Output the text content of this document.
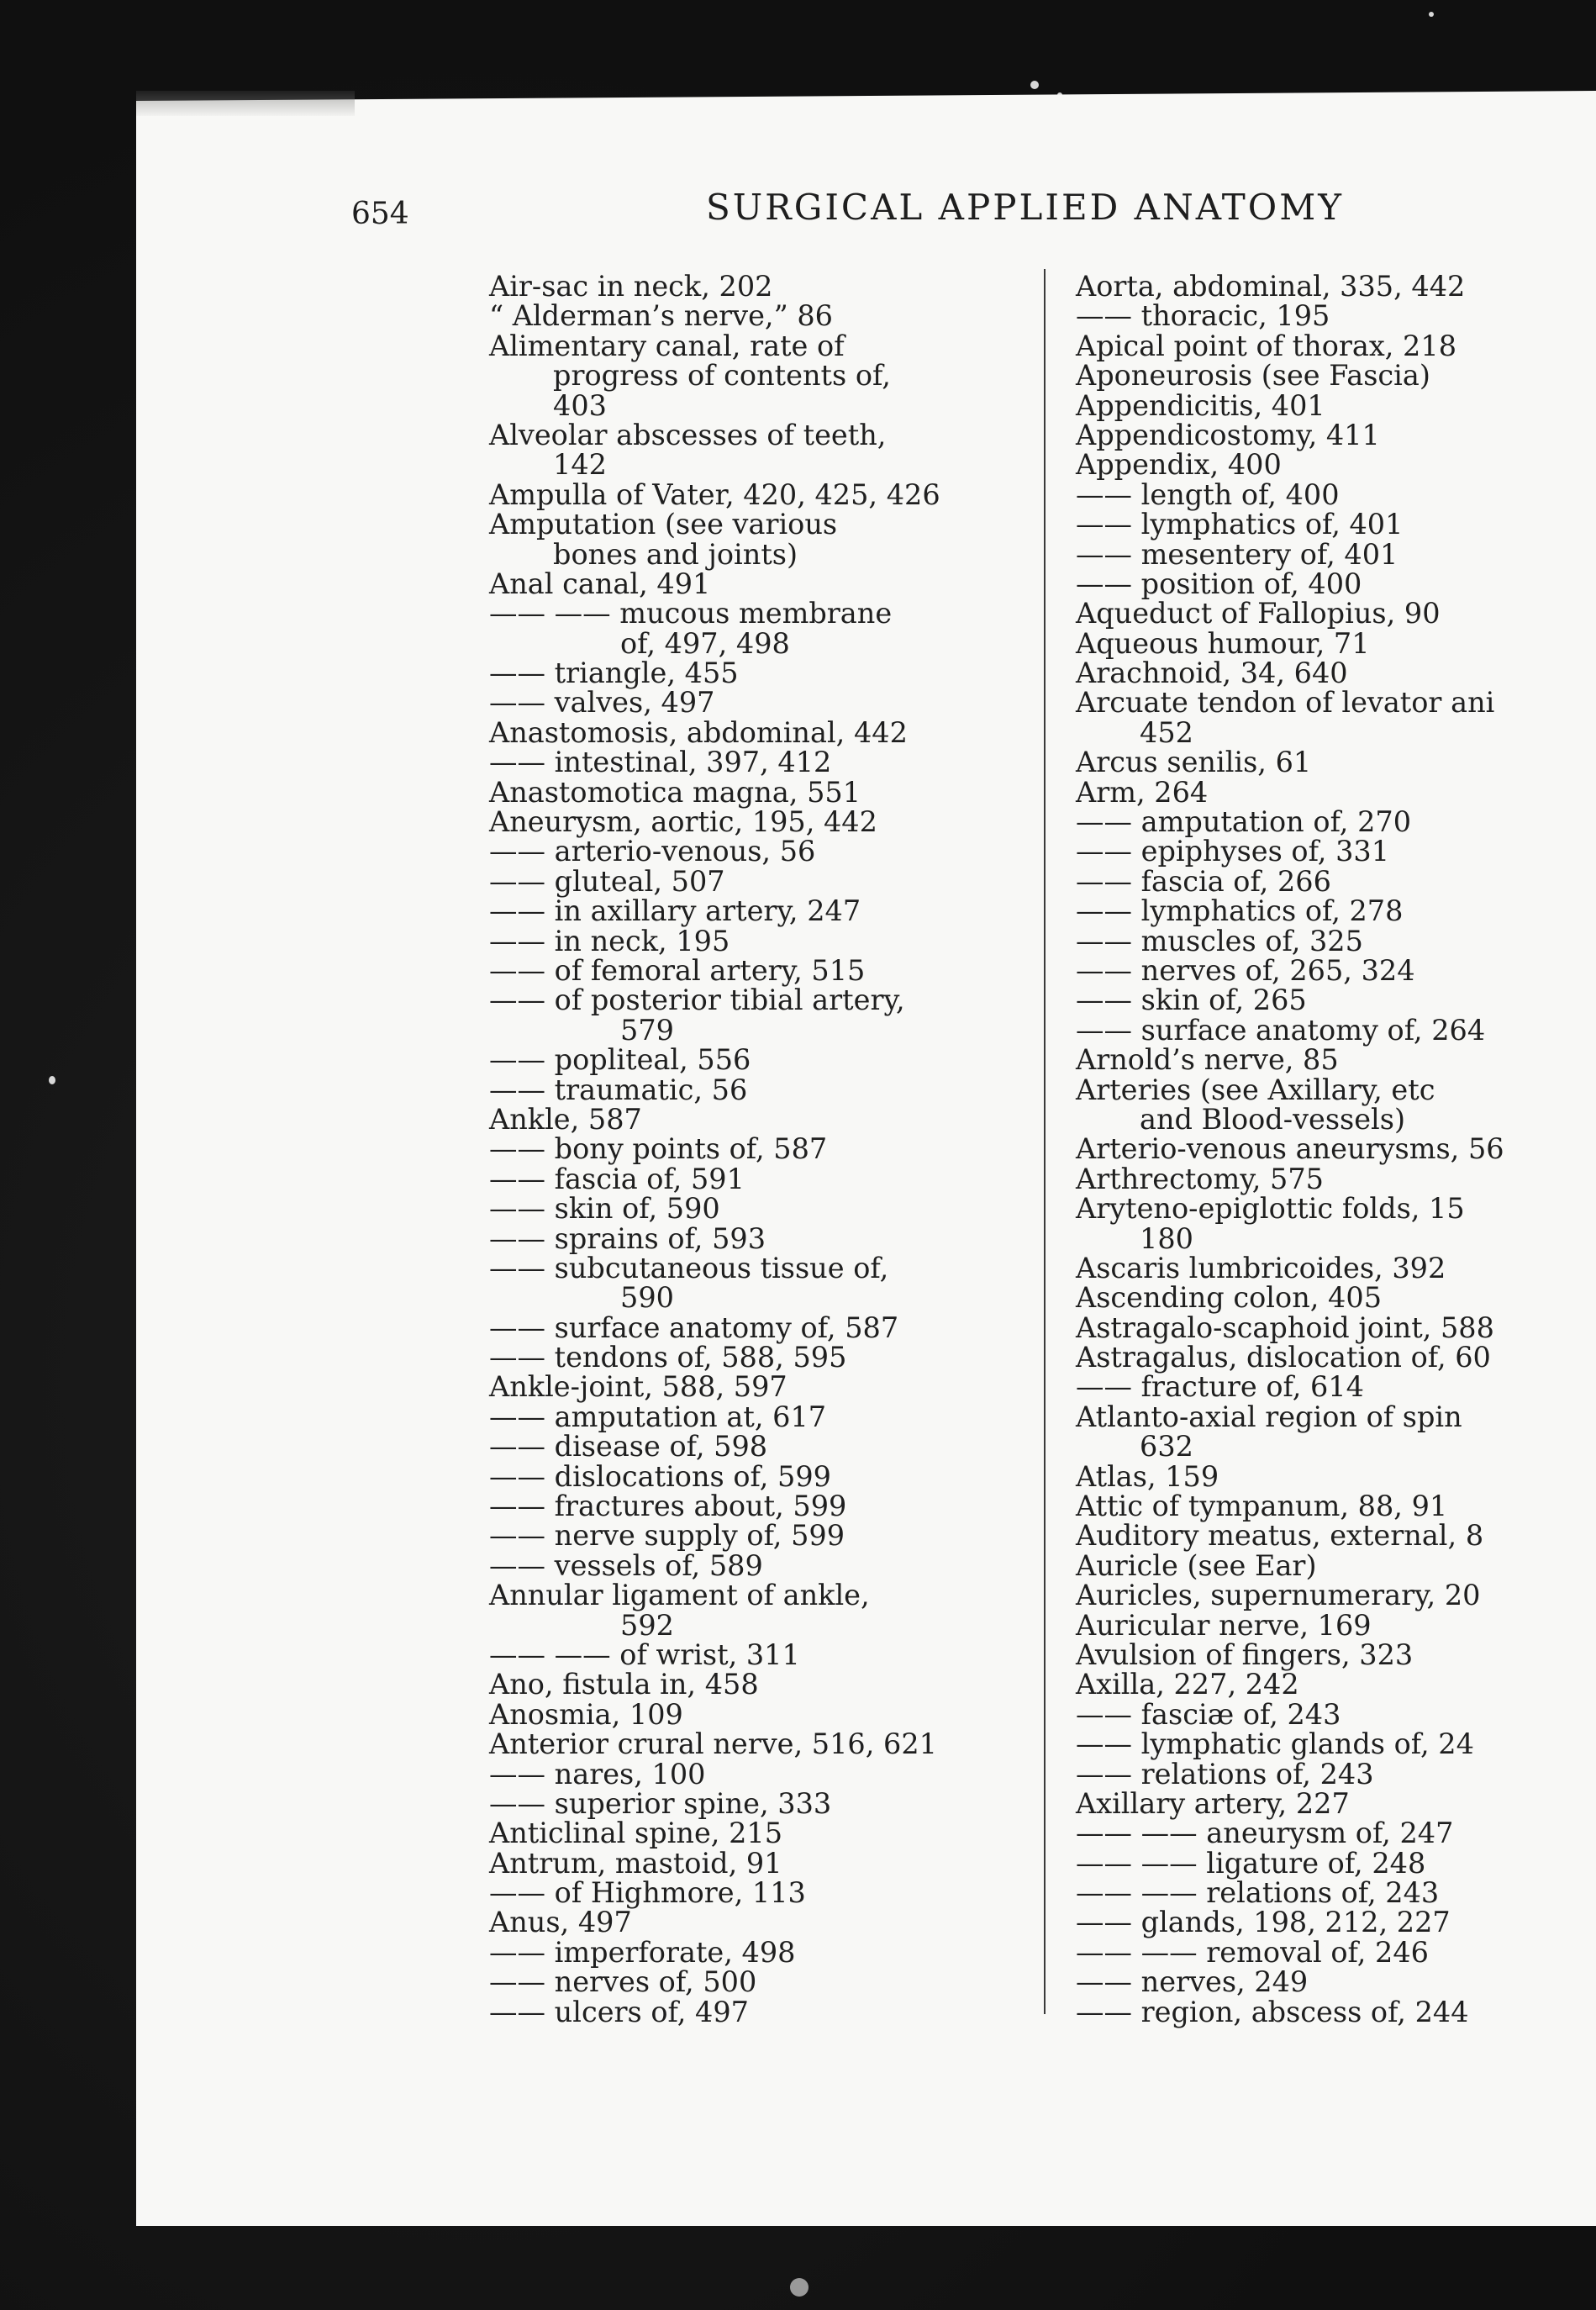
654	SURGICAL APPLIED ANATOMY
Air-sac in neck, 202
“ Alderman’s nerve,” 86
Alimentary canal, rate of
progress of contents of,
403
Alveolar abscesses of teeth,
142
Ampulla of Vater, 420, 425, 426
Amputation (see various
bones and joints)
Anal canal, 491
—— —— mucous membrane
of, 497, 498
—— triangle, 455
—— valves, 497
Anastomosis, abdominal, 442
—— intestinal, 397, 412
Anastomotica magna, 551
Aneurysm, aortic, 195, 442
—— arterio-venous, 56
—— gluteal, 507
—— in axillary artery, 247
—— in neck, 195
—— of femoral artery, 515
—— of posterior tibial artery,
579
—— popliteal, 556
—— traumatic, 56
Ankle, 587
—— bony points of, 587
—— fascia of, 591
—— skin of, 590
—— sprains of, 593
—— subcutaneous tissue of,
590
—— surface anatomy of, 587
—— tendons of, 588, 595
Ankle-joint, 588, 597
—— amputation at, 617
—— disease of, 598
—— dislocations of, 599
—— fractures about, 599
—— nerve supply of, 599
—— vessels of, 589
Annular ligament of ankle,
592
—— —— of wrist, 311
Ano, fistula in, 458
Anosmia, 109
Anterior crural nerve, 516, 621
—— nares, 100
—— superior spine, 333
Anticlinal spine, 215
Antrum, mastoid, 91
—— of Highmore, 113
Anus, 497
—— imperforate, 498
—— nerves of, 500
—— ulcers of, 497
Aorta, abdominal, 335, 442
—— thoracic, 195
Apical point of thorax, 218
Aponeurosis (see Fascia)
Appendicitis, 401
Appendicostomy, 411
Appendix, 400
—— length of, 400
—— lymphatics of, 401
—— mesentery of, 401
—— position of, 400
Aqueduct of Fallopius, 90
Aqueous humour, 71
Arachnoid, 34, 640
Arcuate tendon of levator ani
452
Arcus senilis, 61
Arm, 264
—— amputation of, 270
—— epiphyses of, 331
—— fascia of, 266
—— lymphatics of, 278
—— muscles of, 325
—— nerves of, 265, 324
—— skin of, 265
—— surface anatomy of, 264
Arnold’s nerve, 85
Arteries (see Axillary, etc
and Blood-vessels)
Arterio-venous aneurysms, 56
Arthrectomy, 575
Aryteno-epiglottic folds, 15
180
Ascaris lumbricoides, 392
Ascending colon, 405
Astragalo-scaphoid joint, 588
Astragalus, dislocation of, 60
—— fracture of, 614
Atlanto-axial region of spin
632
Atlas, 159
Attic of tympanum, 88, 91
Auditory meatus, external, 8
Auricle (see Ear)
Auricles, supernumerary, 20
Auricular nerve, 169
Avulsion of fingers, 323
Axilla, 227, 242
—— fasciæ of, 243
—— lymphatic glands of, 24
—— relations of, 243
Axillary artery, 227
—— —— aneurysm of, 247
—— —— ligature of, 248
—— —— relations of, 243
—— glands, 198, 212, 227
—— —— removal of, 246
—— nerves, 249
—— region, abscess of, 244
